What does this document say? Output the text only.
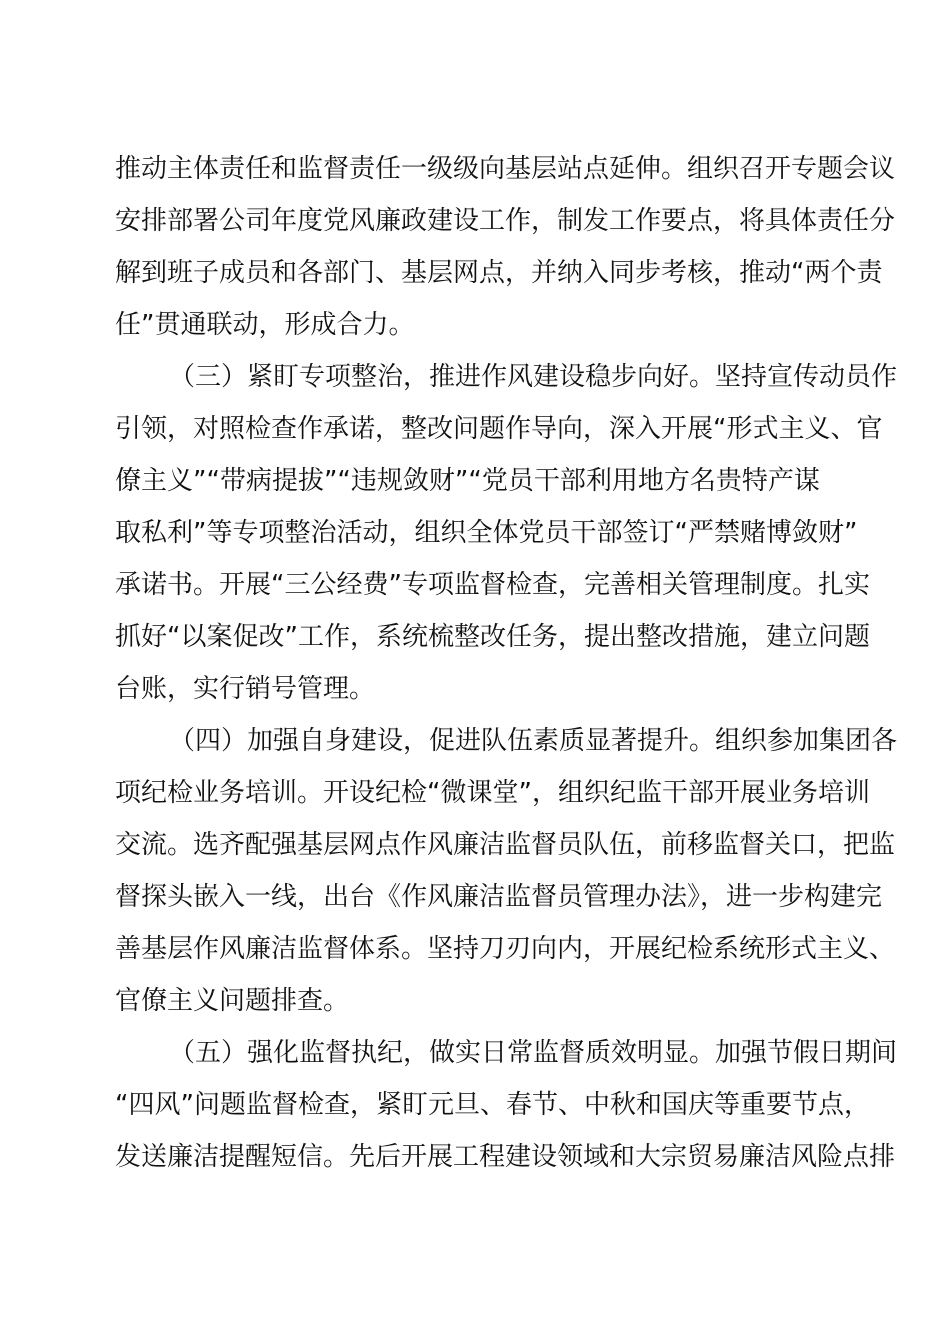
推动主体责任和监督责任一级级向基层站点延伸。组织召开专题会议
安排部署公司年度党风廉政建设工作，制发工作要点，将具体责任分
解到班子成员和各部门、基层网点，并纳入同步考核，推动“两个责
任”贯通联动，形成合力。
（三）紧盯专项整治，推进作风建设稳步向好。坚持宣传动员作
引领，对照检查作承诺，整改问题作导向，深入开展“形式主义、官
僚主义”“带病提拔”“违规敛财”“党员干部利用地方名贵特产谋
取私利”等专项整治活动，组织全体党员干部签订“严禁赌博敛财”
承诺书。开展“三公经费”专项监督检查，完善相关管理制度。扎实
抓好“以案促改”工作，系统梳整改任务，提出整改措施，建立问题
台账，实行销号管理。
（四）加强自身建设，促进队伍素质显著提升。组织参加集团各
项纪检业务培训。开设纪检“微课堂”，组织纪监干部开展业务培训
交流。选齐配强基层网点作风廉洁监督员队伍，前移监督关口，把监
督探头嵌入一线，出台《作风廉洁监督员管理办法》，进一步构建完
善基层作风廉洁监督体系。坚持刀刃向内，开展纪检系统形式主义、
官僚主义问题排查。
（五）强化监督执纪，做实日常监督质效明显。加强节假日期间
“四风”问题监督检查，紧盯元旦、春节、中秋和国庆等重要节点，
发送廉洁提醒短信。先后开展工程建设领域和大宗贸易廉洁风险点排
